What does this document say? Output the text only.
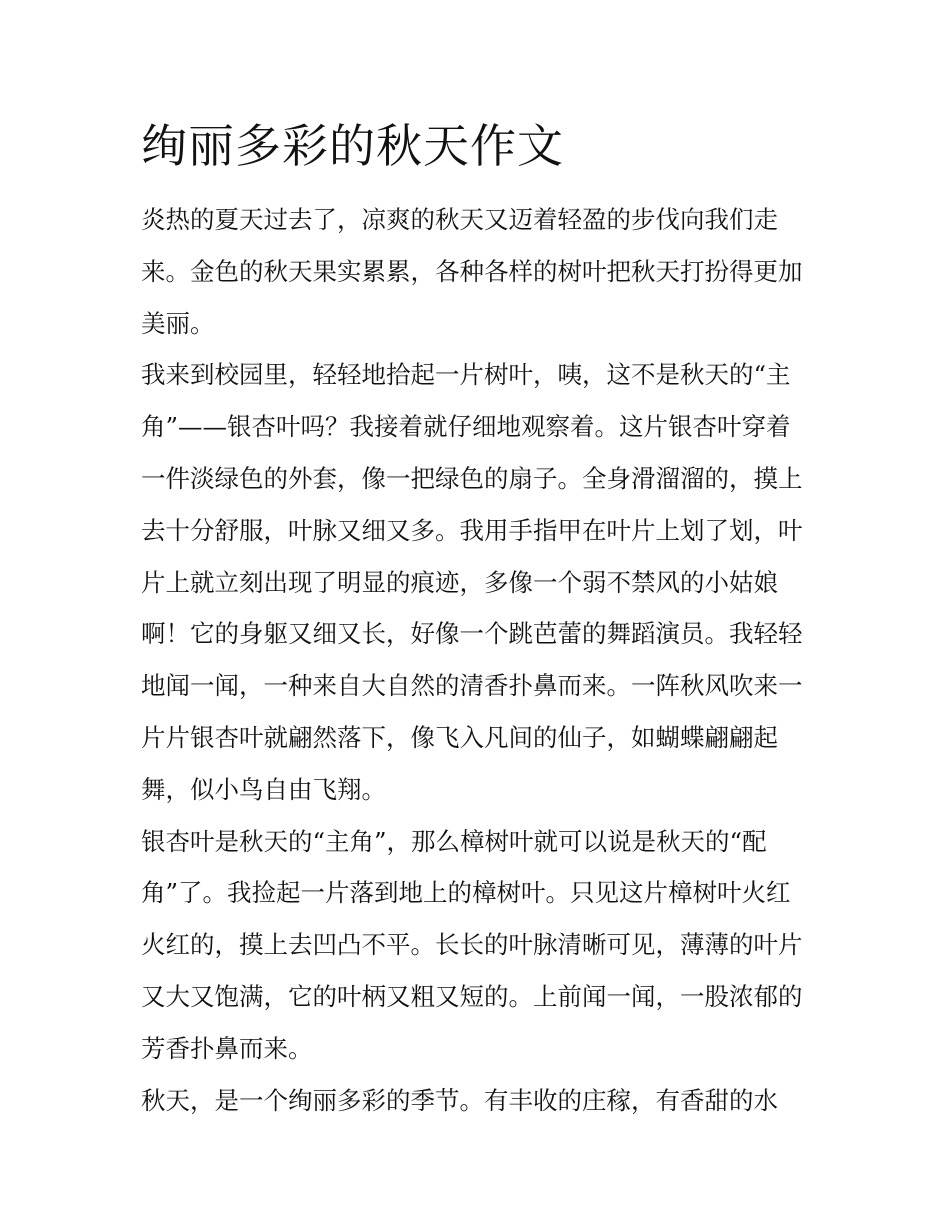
绚丽多彩的秋天作文
炎热的夏天过去了，凉爽的秋天又迈着轻盈的步伐向我们走
来。金色的秋天果实累累，各种各样的树叶把秋天打扮得更加
美丽。
我来到校园里，轻轻地拾起一片树叶，咦，这不是秋天的“主
角”——银杏叶吗？我接着就仔细地观察着。这片银杏叶穿着
一件淡绿色的外套，像一把绿色的扇子。全身滑溜溜的，摸上
去十分舒服，叶脉又细又多。我用手指甲在叶片上划了划，叶
片上就立刻出现了明显的痕迹，多像一个弱不禁风的小姑娘
啊！它的身躯又细又长，好像一个跳芭蕾的舞蹈演员。我轻轻
地闻一闻，一种来自大自然的清香扑鼻而来。一阵秋风吹来一
片片银杏叶就翩然落下，像飞入凡间的仙子，如蝴蝶翩翩起
舞，似小鸟自由飞翔。
银杏叶是秋天的“主角”，那么樟树叶就可以说是秋天的“配
角”了。我捡起一片落到地上的樟树叶。只见这片樟树叶火红
火红的，摸上去凹凸不平。长长的叶脉清晰可见，薄薄的叶片
又大又饱满，它的叶柄又粗又短的。上前闻一闻，一股浓郁的
芳香扑鼻而来。
秋天，是一个绚丽多彩的季节。有丰收的庄稼，有香甜的水
